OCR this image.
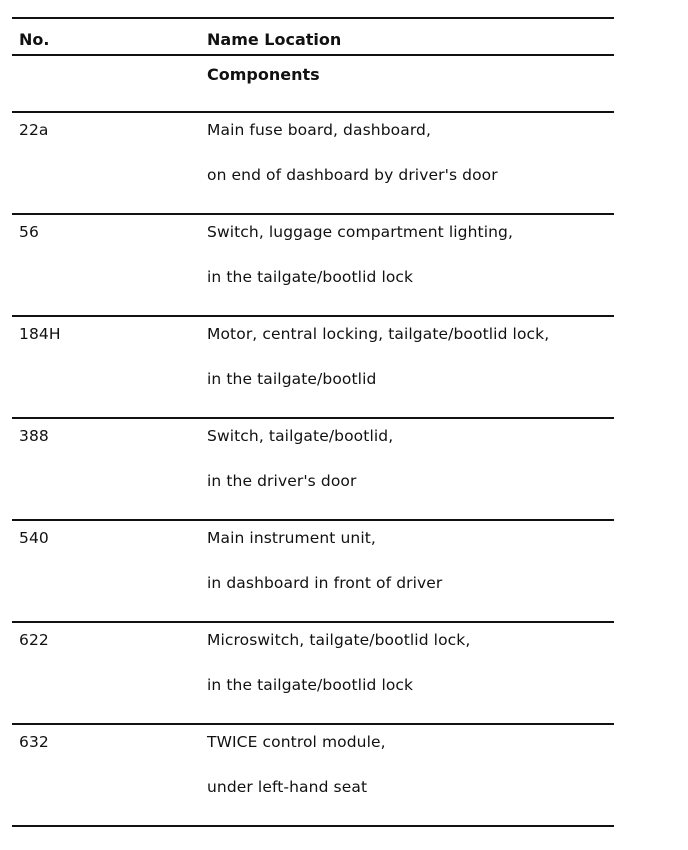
No.	Name Location
Components
22a	Main fuse board, dashboard,
on end of dashboard by driver's door
56	Switch, luggage compartment lighting,
in the tailgate/bootlid lock
184H	Motor, central locking, tailgate/bootlid lock,
in the tailgate/bootlid
388	Switch, tailgate/bootlid,
in the driver's door
540	Main instrument unit,
in dashboard in front of driver
622	Microswitch, tailgate/bootlid lock,
in the tailgate/bootlid lock
632	TWICE control module,
under left-hand seat
